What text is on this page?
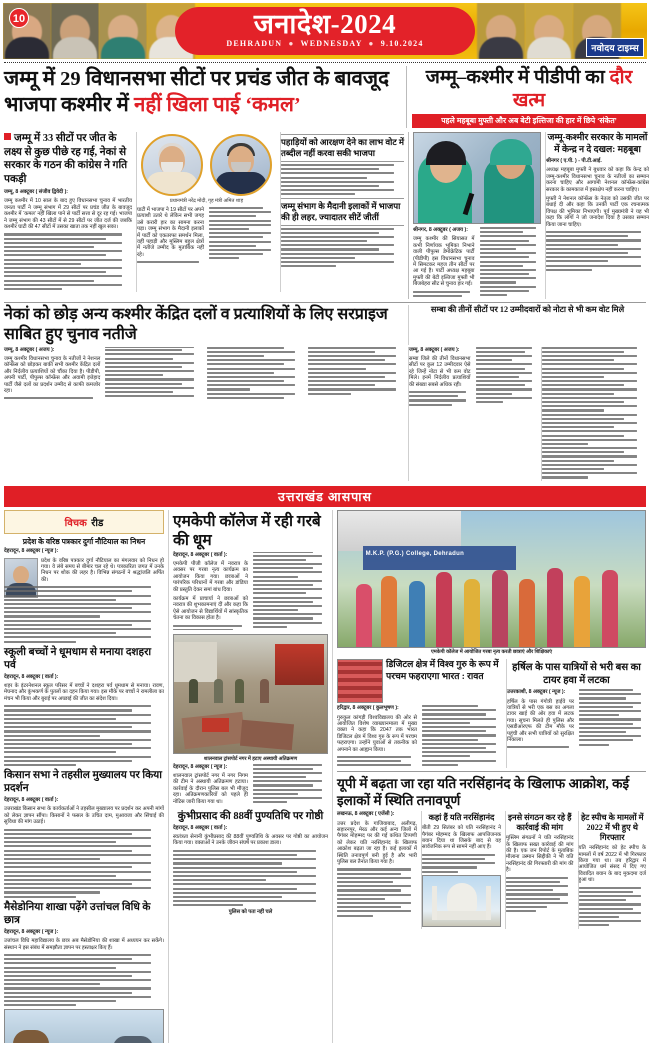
10	जनादेश-2024
DEHRADUN ● WEDNESDAY ● 9.10.2024	नवोदय टाइम्स
जम्मू में 29 विधानसभा सीटों पर प्रचंड जीत के बावजूद भाजपा कश्मीर में नहीं खिला पाई ‘कमल’
जम्मू–कश्मीर में पीडीपी का दौर खत्म
पहले महबूबा मुफ्ती और अब बेटी इल्तिजा की हार में छिपे ‘संकेत’
जम्मू में 33 सीटों पर जीत के लक्ष्य से कुछ पीछे रह गई, नेकां से सरकार के गठन की कांग्रेस ने गति पकड़ी

जम्मू, 8 अक्टूबर ( संजीव द्विवेदी ):

जम्मू कश्मीर में 10 साल के बाद हुए विधानसभा चुनाव में भारतीय जनता पार्टी ने जम्मू संभाग में 29 सीटों पर प्रचंड जीत के बावजूद कश्मीर में ‘कमल’ नहीं खिला पाने से पार्टी सत्ता से दूर रह गई। भाजपा ने जम्मू संभाग की 43 सीटों में से 29 सीटों पर जीत दर्ज की जबकि कश्मीर घाटी की 47 सीटों में उसका खाता तक नहीं खुल सका।

प्रधानमंत्री नरेंद्र मोदी, गृह मंत्री अमित शाह

घाटी में भाजपा ने 19 सीटों पर अपने प्रत्याशी उतारे थे लेकिन सभी जगह उसे करारी हार का सामना करना पड़ा। जम्मू संभाग के मैदानी इलाकों में पार्टी को एकतरफा समर्थन मिला, वहीं पहाड़ी और मुस्लिम बहुल क्षेत्रों में नतीजे उम्मीद के मुताबिक नहीं रहे।

पहाड़ियों को आरक्षण देने का लाभ वोट में तब्दील नहीं करवा सकी भाजपा
जम्मू संभाग के मैदानी इलाकों में भाजपा की ही लहर, ज्यादातर सीटें जीतीं

श्रीनगर, 8 अक्टूबर ( अजय ):

जम्मू कश्मीर की सियासत में कभी निर्णायक भूमिका निभाने वाली पीपुल्स डेमोक्रेटिक पार्टी (पीडीपी) इस विधानसभा चुनाव में सिमटकर महज तीन सीटों पर आ गई है। पार्टी अध्यक्ष महबूबा मुफ्ती की बेटी इल्तिजा मुफ्ती भी बिजबेहरा सीट से चुनाव हार गईं।

जम्मू-कश्मीर सरकार के मामलों में केन्द्र न दे दखल: महबूबा

श्रीनगर ( ए.पी. ) - पी.टी.आई.

अध्यक्ष महबूबा मुफ्ती ने बुधवार को कहा कि केन्द्र को जम्मू-कश्मीर विधानसभा चुनाव के नतीजों का सम्मान करना चाहिए और आगामी नेशनल कॉन्फ्रेंस-कांग्रेस सरकार के कामकाज में हस्तक्षेप नहीं करना चाहिए।

मुफ्ती ने नेशनल कॉन्फ्रेंस के नेतृत्व को उसकी जीत पर बधाई दी और कहा कि उनकी पार्टी एक रचनात्मक विपक्ष की भूमिका निभाएगी। पूर्व मुख्यमंत्री ने यह भी कहा कि लोगों ने जो जनादेश दिया है उसका सम्मान किया जाना चाहिए।

नेकां को छोड़ अन्य कश्मीर केंद्रित दलों व प्रत्याशियों के लिए सरप्राइज साबित हुए चुनाव नतीजे
सम्बा की तीनों सीटों पर 12 उम्मीदवारों को नोटा से भी कम वोट मिले

जम्मू, 8 अक्टूबर ( अजय ):

जम्मू कश्मीर विधानसभा चुनाव के नतीजों ने नेशनल कॉन्फ्रेंस को छोड़कर बाकी सभी कश्मीर केंद्रित दलों और निर्दलीय प्रत्याशियों को चौंका दिया है। पीडीपी, अपनी पार्टी, पीपुल्स कॉन्फ्रेंस और अवामी इत्तेहाद पार्टी जैसे दलों का प्रदर्शन उम्मीद से काफी कमजोर रहा।

जम्मू, 8 अक्टूबर ( अजय ):

सम्बा जिले की तीनों विधानसभा सीटों पर कुल 12 उम्मीदवार ऐसे रहे जिन्हें नोटा से भी कम वोट मिले। इनमें निर्दलीय प्रत्याशियों की संख्या सबसे अधिक रही।

उत्तराखंड आसपास
विचक रीड
प्रदेश के वरिष्ठ पत्रकार दुर्गा नौटियाल का निधन

देहरादून, 8 अक्टूबर ( न्यूज ):

प्रदेश के वरिष्ठ पत्रकार दुर्गा नौटियाल का मंगलवार को निधन हो गया। वे लंबे समय से बीमार चल रहे थे। पत्रकारिता जगत में उनके निधन पर शोक की लहर है। विभिन्न संगठनों ने श्रद्धांजलि अर्पित की।

स्कूली बच्चों ने धूमधाम से मनाया दशहरा पर्व

देहरादून, 8 अक्टूबर ( वार्ता ):

शहर के इंटरनेशनल स्कूल परिसर में बच्चों ने दशहरा पर्व धूमधाम से मनाया। रावण, मेघनाद और कुंभकर्ण के पुतलों का दहन किया गया। इस मौके पर बच्चों ने रामलीला का मंचन भी किया और बुराई पर अच्छाई की जीत का संदेश दिया।

किसान सभा ने तहसील मुख्यालय पर किया प्रदर्शन

देहरादून, 8 अक्टूबर ( वार्ता ):

उत्तराखंड किसान सभा के कार्यकर्ताओं ने तहसील मुख्यालय पर प्रदर्शन कर अपनी मांगों को लेकर ज्ञापन सौंपा। किसानों ने फसल के उचित दाम, मुआवजा और सिंचाई की सुविधा की मांग उठाई।

मैसेडोनिया शाखा पढ़ेंगे उत्तांचल विधि के छात्र

देहरादून, 8 अक्टूबर ( न्यूज ):

उत्तांचल विधि महाविद्यालय के छात्र अब मैसेडोनिया की शाखा में अध्ययन कर सकेंगे। संस्थान ने इस संबंध में समझौता ज्ञापन पर हस्ताक्षर किए हैं।

एमकेपी कॉलेज में रही गरबे की धूम

देहरादून, 8 अक्टूबर ( वार्ता ):

एमकेपी पीजी कॉलेज में नवरात्र के अवसर पर गरबा नृत्य कार्यक्रम का आयोजन किया गया। छात्राओं ने पारंपरिक परिधानों में गरबा और डांडिया की प्रस्तुति देकर समां बांध दिया।

कार्यक्रम में प्राचार्या ने छात्राओं को नवरात्र की शुभकामनाएं दीं और कहा कि ऐसे आयोजन से विद्यार्थियों में सांस्कृतिक चेतना का विकास होता है।

शालनवाल ट्रांसपोर्ट नगर में हटाए अस्थायी अतिक्रमण

देहरादून, 8 अक्टूबर ( न्यूज ):

शालनवाल ट्रांसपोर्ट नगर में नगर निगम की टीम ने अस्थायी अतिक्रमण हटाया। कार्रवाई के दौरान पुलिस बल भी मौजूद रहा। अतिक्रमणकारियों को पहले ही नोटिस जारी किया गया था।

कुंभीप्रसाद की 88वीं पुण्यतिथि पर गोष्ठी

देहरादून, 8 अक्टूबर ( वार्ता ):

स्वतंत्रता सेनानी कुंभीप्रसाद की 88वीं पुण्यतिथि के अवसर पर गोष्ठी का आयोजन किया गया। वक्ताओं ने उनके जीवन संघर्ष पर प्रकाश डाला।

पुलिस को पता नहीं चले

M.K.P. (P.G.) College, Dehradun
एमकेपी कॉलेज में आयोजित गरबा नृत्य करती छात्राएं और शिक्षिकाएं
डिजिटल क्षेत्र में विश्व गुरु के रूप में परचम फहराएगा भारत : रावत

हरिद्वार, 8 अक्टूबर ( कुलभूषण ):

गुरुकुल कांगड़ी विश्वविद्यालय की ओर से आयोजित विशेष व्याख्यानमाला में मुख्य वक्ता ने कहा कि 2047 तक भारत डिजिटल क्षेत्र में विश्व गुरु के रूप में परचम फहराएगा। उन्होंने युवाओं से तकनीक को अपनाने का आह्वान किया।

हर्षिल के पास यात्रियों से भरी बस का टायर हवा में लटका

उत्तरकाशी, 8 अक्टूबर ( न्यूज ):

हर्षिल के पास गंगोत्री हाईवे पर यात्रियों से भरी एक बस का अगला टायर खाई की ओर हवा में लटक गया। सूचना मिलते ही पुलिस और एसडीआरएफ की टीम मौके पर पहुंची और सभी यात्रियों को सुरक्षित निकाला।

यूपी में बढ़ता जा रहा यति नरसिंहानंद के खिलाफ आक्रोश, कई इलाकों में स्थिति तनावपूर्ण

लखनऊ, 8 अक्टूबर ( एजेंसी ):

उत्तर प्रदेश के गाजियाबाद, अलीगढ़, सहारनपुर, मेरठ और कई अन्य जिलों में पैगंबर मोहम्मद पर की गई कथित टिप्पणी को लेकर यति नरसिंहानंद के खिलाफ आक्रोश बढ़ता जा रहा है। कई इलाकों में स्थिति तनावपूर्ण बनी हुई है और भारी पुलिस बल तैनात किया गया है।

कहां हैं यति नरसिंहानंद

बीती 29 सितंबर को यति नरसिंहानंद ने पैगंबर मोहम्मद के खिलाफ आपत्तिजनक बयान दिया था जिसके बाद से वह सार्वजनिक रूप से सामने नहीं आए हैं।

इनसे संगठन कर रहे हैं कार्रवाई की मांग

मुस्लिम संगठनों ने यति नरसिंहानंद के खिलाफ सख्त कार्रवाई की मांग की है। एक जन रिपोर्ट के मुताबिक मौलाना उस्मान सिद्दीकी ने भी यति नरसिंहानंद की गिरफ्तारी की मांग की है।

हेट स्पीच के मामलों में 2022 में भी हुए थे गिरफ्तार

यति नरसिंहानंद को हेट स्पीच के मामलों में वर्ष 2022 में भी गिरफ्तार किया गया था। तब हरिद्वार में आयोजित धर्म संसद में दिए गए विवादित बयान के बाद मुकदमा दर्ज हुआ था।
